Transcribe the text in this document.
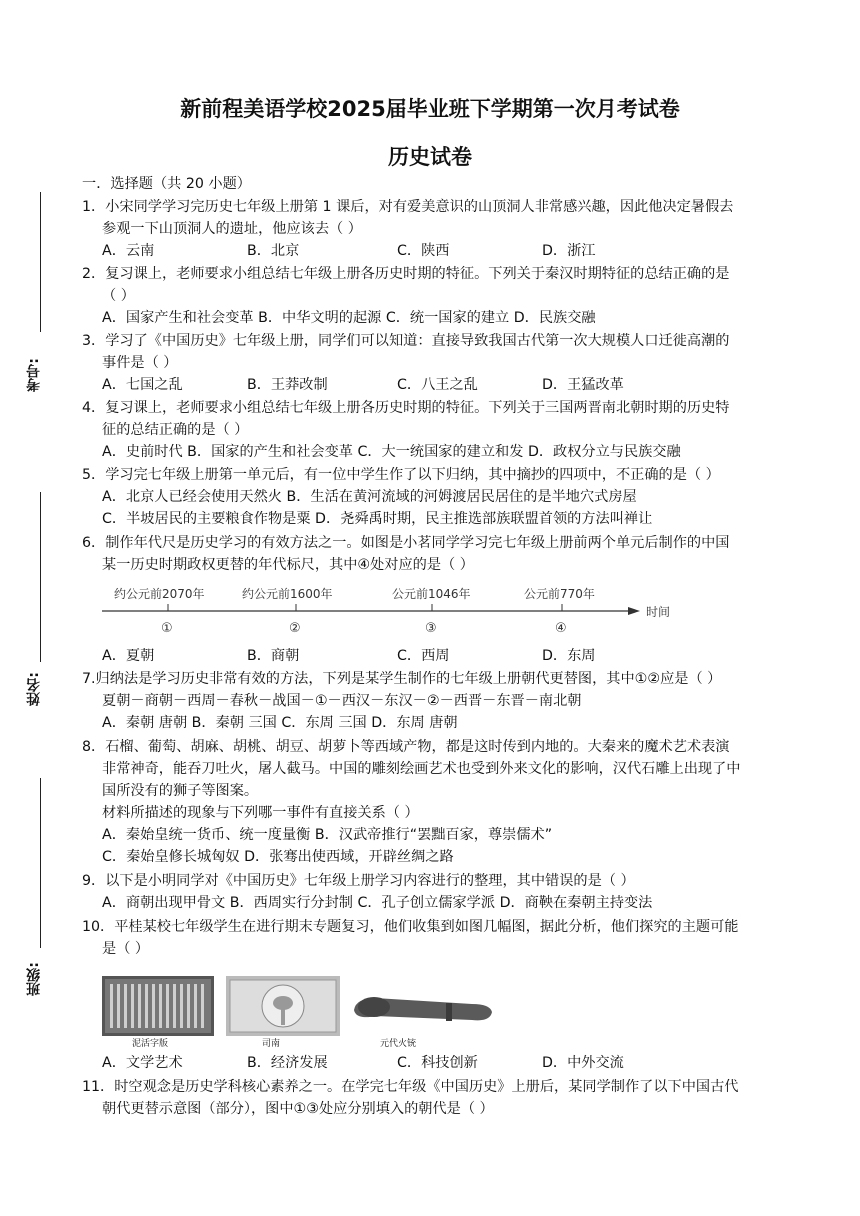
新前程美语学校2025届毕业班下学期第一次月考试卷
历史试卷
考号:
姓名:
班级:
一．选择题（共 20 小题）
1．小宋同学学习完历史七年级上册第 1 课后，对有爱美意识的山顶洞人非常感兴趣，因此他决定暑假去
参观一下山顶洞人的遗址，他应该去（ ）
A．云南	B．北京	C．陕西	D．浙江
2．复习课上，老师要求小组总结七年级上册各历史时期的特征。下列关于秦汉时期特征的总结正确的是
（ ）
A．国家产生和社会变革 B．中华文明的起源 C．统一国家的建立 D．民族交融
3．学习了《中国历史》七年级上册，同学们可以知道：直接导致我国古代第一次大规模人口迁徙高潮的
事件是（ ）
A．七国之乱	B．王莽改制	C．八王之乱	D．王猛改革
4．复习课上，老师要求小组总结七年级上册各历史时期的特征。下列关于三国两晋南北朝时期的历史特
征的总结正确的是（ ）
A．史前时代 B．国家的产生和社会变革 C．大一统国家的建立和发 D．政权分立与民族交融
5．学习完七年级上册第一单元后，有一位中学生作了以下归纳，其中摘抄的四项中，不正确的是（ ）
A．北京人已经会使用天然火 B．生活在黄河流域的河姆渡居民居住的是半地穴式房屋
C．半坡居民的主要粮食作物是粟 D．尧舜禹时期，民主推选部族联盟首领的方法叫禅让
6．制作年代尺是历史学习的有效方法之一。如图是小茗同学学习完七年级上册前两个单元后制作的中国
某一历史时期政权更替的年代标尺，其中④处对应的是（ ）
约公元前2070年	约公元前1600年	公元前1046年	公元前770年
①	②	③	④
时间
A．夏朝	B．商朝	C．西周	D．东周
7.归纳法是学习历史非常有效的方法，下列是某学生制作的七年级上册朝代更替图，其中①②应是（ ）
夏朝－商朝－西周－春秋－战国－①－西汉－东汉－②－西晋－东晋－南北朝
A．秦朝 唐朝 B．秦朝 三国 C．东周 三国 D．东周 唐朝
8．石榴、葡萄、胡麻、胡桃、胡豆、胡萝卜等西域产物，都是这时传到内地的。大秦来的魔术艺术表演
非常神奇，能吞刀吐火，屠人截马。中国的雕刻绘画艺术也受到外来文化的影响，汉代石雕上出现了中
国所没有的狮子等图案。
材料所描述的现象与下列哪一事件有直接关系（ ）
A．秦始皇统一货币、统一度量衡 B．汉武帝推行“罢黜百家，尊崇儒术”
C．秦始皇修长城匈奴 D．张骞出使西域，开辟丝绸之路
9．以下是小明同学对《中国历史》七年级上册学习内容进行的整理，其中错误的是（ ）
A．商朝出现甲骨文 B．西周实行分封制 C．孔子创立儒家学派 D．商鞅在秦朝主持变法
10．平桂某校七年级学生在进行期末专题复习，他们收集到如图几幅图，据此分析，他们探究的主题可能
是（ ）
泥活字版	司南	元代火铳
A．文学艺术	B．经济发展	C．科技创新	D．中外交流
11．时空观念是历史学科核心素养之一。在学完七年级《中国历史》上册后，某同学制作了以下中国古代
朝代更替示意图（部分），图中①③处应分别填入的朝代是（ ）
